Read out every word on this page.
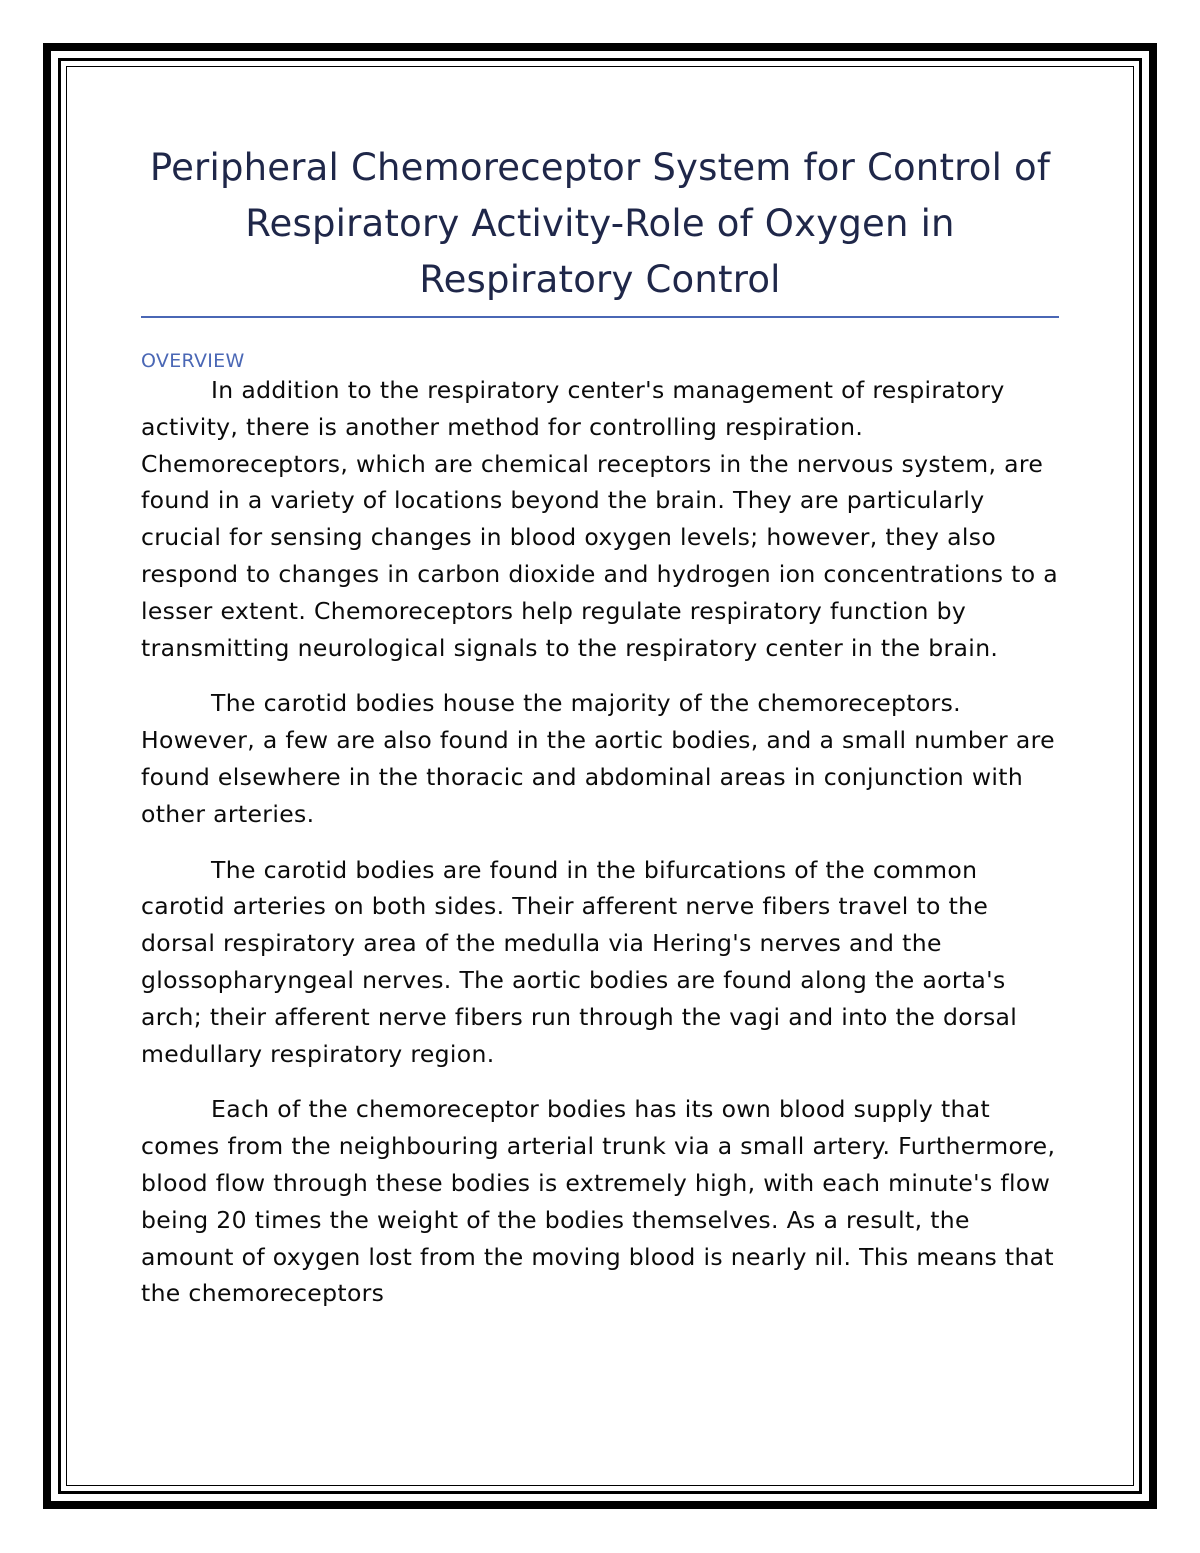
Peripheral Chemoreceptor System for Control of Respiratory Activity-Role of Oxygen in Respiratory Control
OVERVIEW

In addition to the respiratory center's management of respiratory activity, there is another method for controlling respiration. Chemoreceptors, which are chemical receptors in the nervous system, are found in a variety of locations beyond the brain. They are particularly crucial for sensing changes in blood oxygen levels; however, they also respond to changes in carbon dioxide and hydrogen ion concentrations to a lesser extent. Chemoreceptors help regulate respiratory function by transmitting neurological signals to the respiratory center in the brain.

The carotid bodies house the majority of the chemoreceptors. However, a few are also found in the aortic bodies, and a small number are found elsewhere in the thoracic and abdominal areas in conjunction with other arteries.

The carotid bodies are found in the bifurcations of the common carotid arteries on both sides. Their afferent nerve fibers travel to the dorsal respiratory area of the medulla via Hering's nerves and the glossopharyngeal nerves. The aortic bodies are found along the aorta's arch; their afferent nerve fibers run through the vagi and into the dorsal medullary respiratory region.

Each of the chemoreceptor bodies has its own blood supply that comes from the neighbouring arterial trunk via a small artery. Furthermore, blood flow through these bodies is extremely high, with each minute's flow being 20 times the weight of the bodies themselves. As a result, the amount of oxygen lost from the moving blood is nearly nil. This means that the chemoreceptors
